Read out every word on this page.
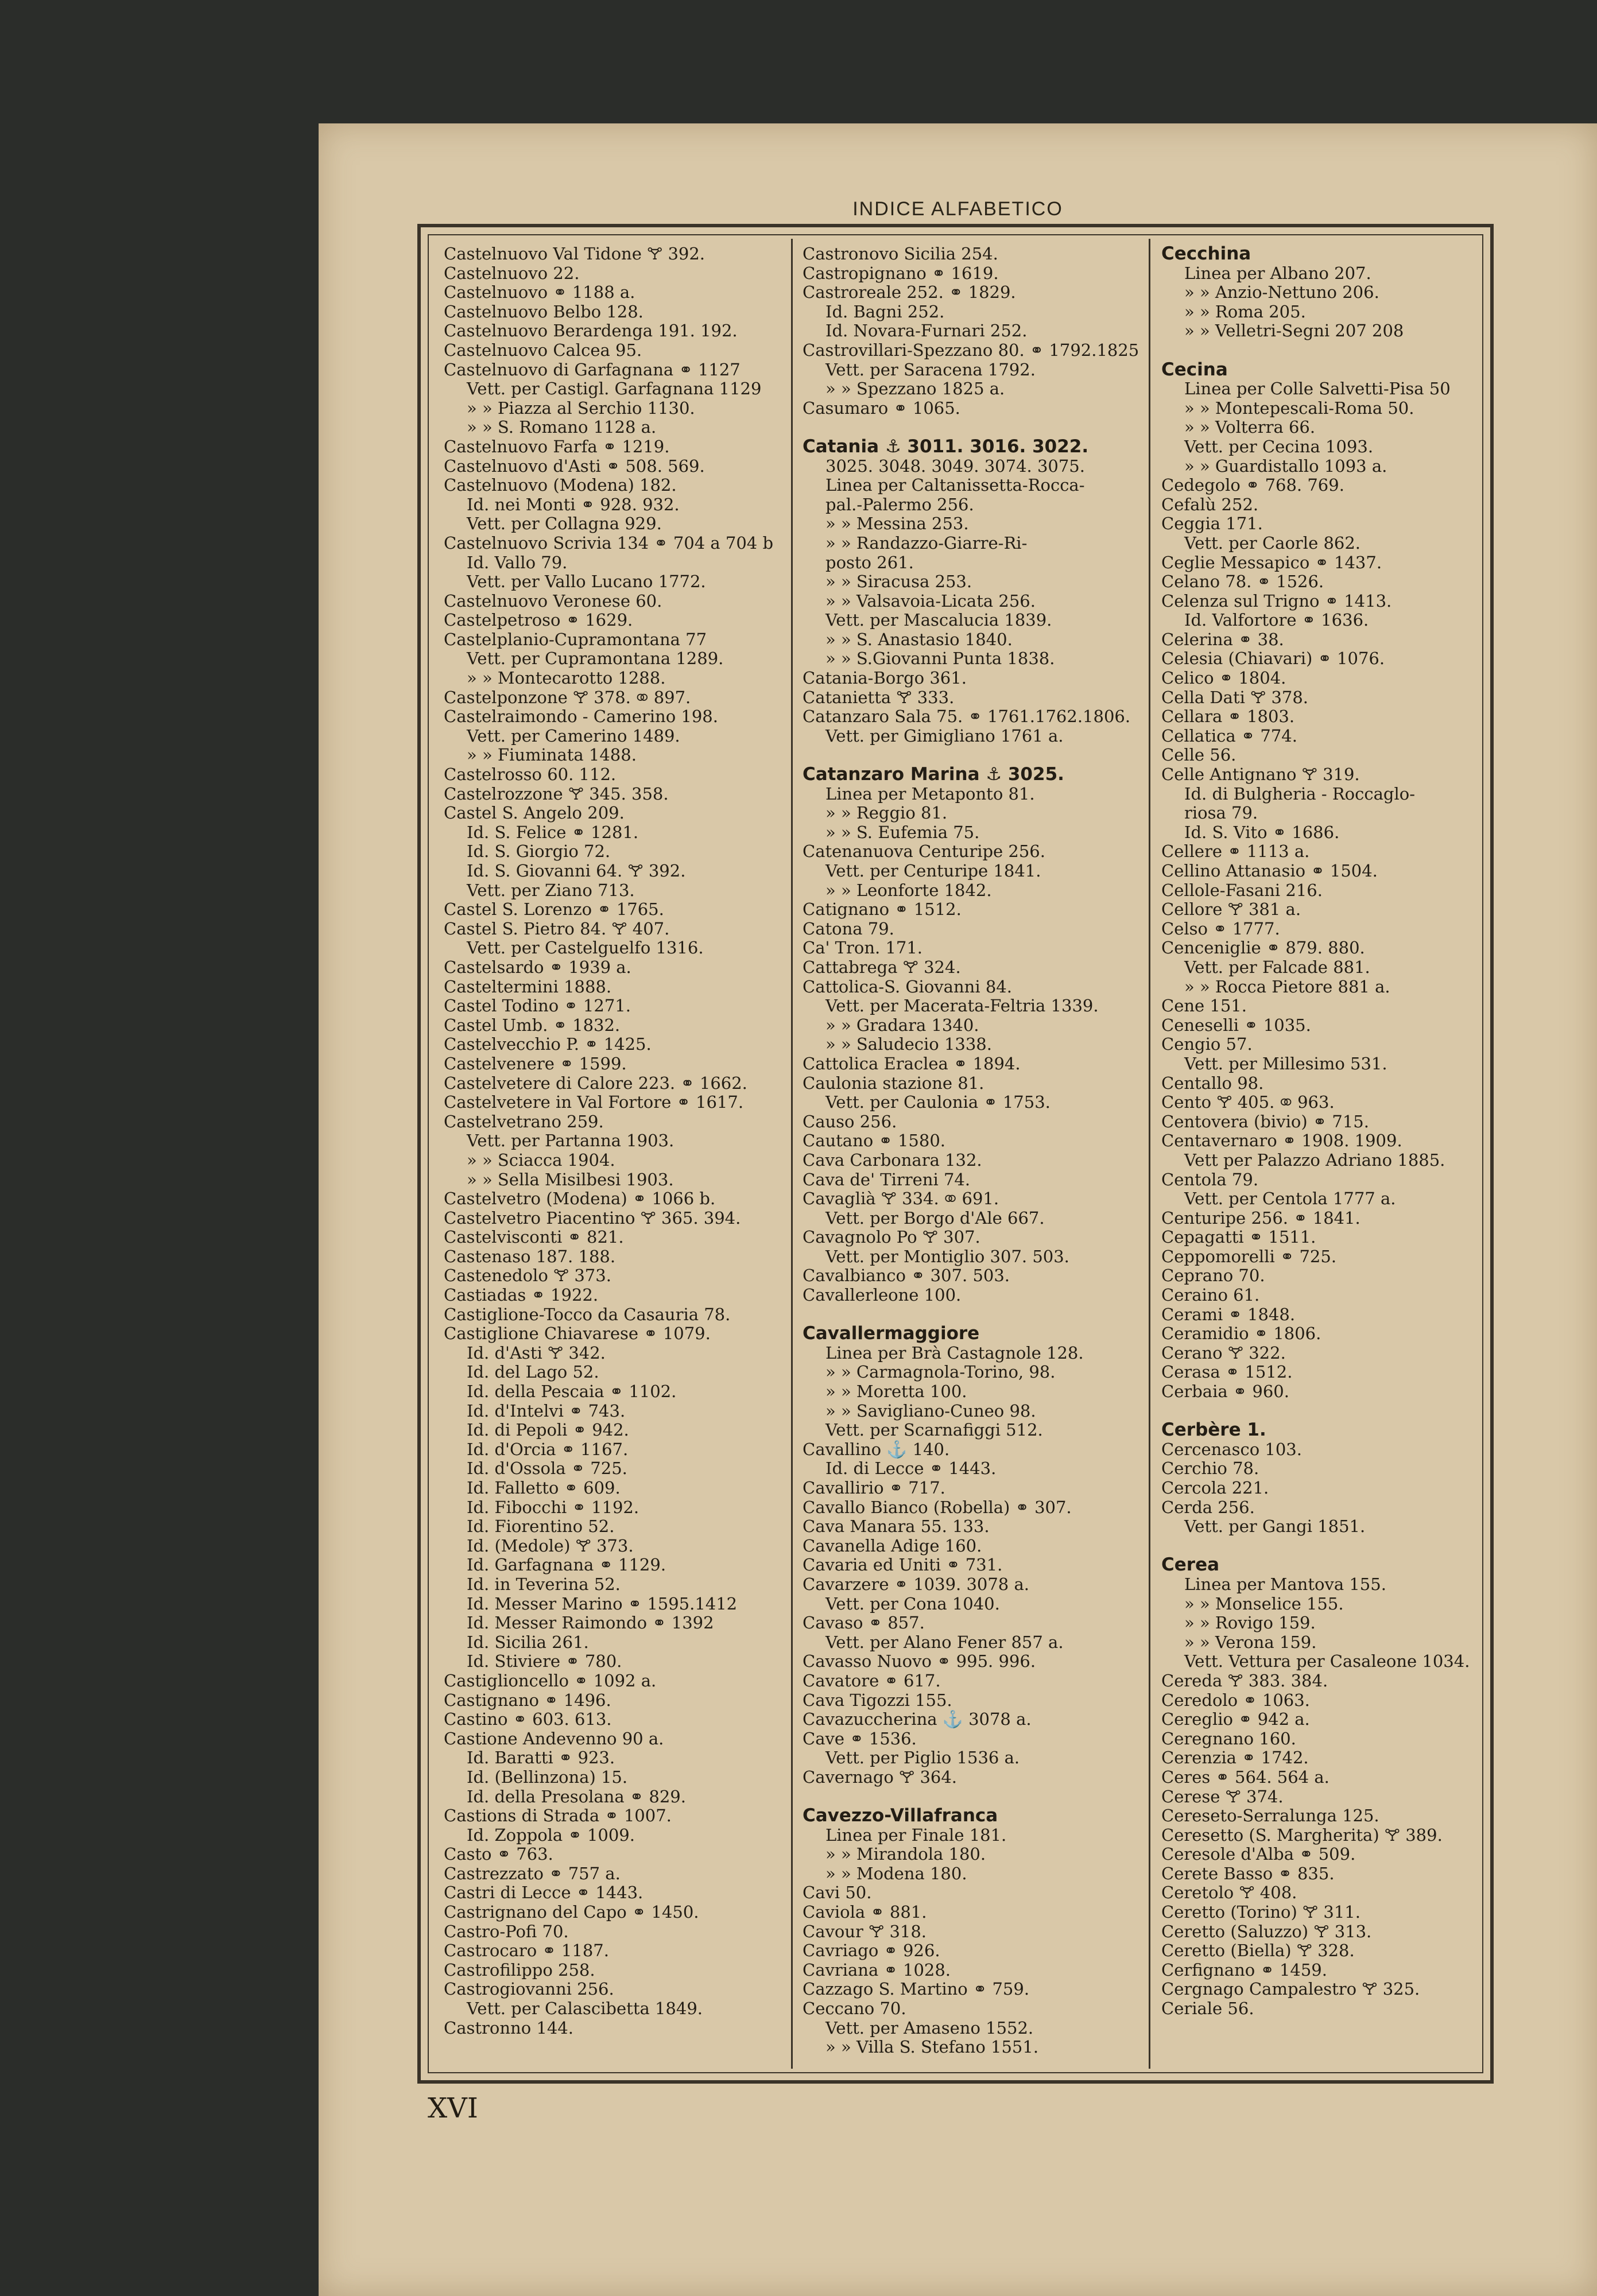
INDICE ALFABETICO
Castelnuovo Val Tidone 🝖 392.
Castelnuovo 22.
Castelnuovo ⚭ 1188 a.
Castelnuovo Belbo 128.
Castelnuovo Berardenga 191. 192.
Castelnuovo Calcea 95.
Castelnuovo di Garfagnana ⚭ 1127
Vett. per Castigl. Garfagnana 1129
» » Piazza al Serchio 1130.
» » S. Romano 1128 a.
Castelnuovo Farfa ⚭ 1219.
Castelnuovo d'Asti ⚭ 508. 569.
Castelnuovo (Modena) 182.
Id. nei Monti ⚭ 928. 932.
Vett. per Collagna 929.
Castelnuovo Scrivia 134 ⚭ 704 a 704 b
Id. Vallo 79.
Vett. per Vallo Lucano 1772.
Castelnuovo Veronese 60.
Castelpetroso ⚭ 1629.
Castelplanio-Cupramontana 77
Vett. per Cupramontana 1289.
» » Montecarotto 1288.
Castelponzone 🝖 378. ⚭ 897.
Castelraimondo - Camerino 198.
Vett. per Camerino 1489.
» » Fiuminata 1488.
Castelrosso 60. 112.
Castelrozzone 🝖 345. 358.
Castel S. Angelo 209.
Id. S. Felice ⚭ 1281.
Id. S. Giorgio 72.
Id. S. Giovanni 64. 🝖 392.
Vett. per Ziano 713.
Castel S. Lorenzo ⚭ 1765.
Castel S. Pietro 84. 🝖 407.
Vett. per Castelguelfo 1316.
Castelsardo ⚭ 1939 a.
Casteltermini 1888.
Castel Todino ⚭ 1271.
Castel Umb. ⚭ 1832.
Castelvecchio P. ⚭ 1425.
Castelvenere ⚭ 1599.
Castelvetere di Calore 223. ⚭ 1662.
Castelvetere in Val Fortore ⚭ 1617.
Castelvetrano 259.
Vett. per Partanna 1903.
» » Sciacca 1904.
» » Sella Misilbesi 1903.
Castelvetro (Modena) ⚭ 1066 b.
Castelvetro Piacentino 🝖 365. 394.
Castelvisconti ⚭ 821.
Castenaso 187. 188.
Castenedolo 🝖 373.
Castiadas ⚭ 1922.
Castiglione-Tocco da Casauria 78.
Castiglione Chiavarese ⚭ 1079.
Id. d'Asti 🝖 342.
Id. del Lago 52.
Id. della Pescaia ⚭ 1102.
Id. d'Intelvi ⚭ 743.
Id. di Pepoli ⚭ 942.
Id. d'Orcia ⚭ 1167.
Id. d'Ossola ⚭ 725.
Id. Falletto ⚭ 609.
Id. Fibocchi ⚭ 1192.
Id. Fiorentino 52.
Id. (Medole) 🝖 373.
Id. Garfagnana ⚭ 1129.
Id. in Teverina 52.
Id. Messer Marino ⚭ 1595.1412
Id. Messer Raimondo ⚭ 1392
Id. Sicilia 261.
Id. Stiviere ⚭ 780.
Castiglioncello ⚭ 1092 a.
Castignano ⚭ 1496.
Castino ⚭ 603. 613.
Castione Andevenno 90 a.
Id. Baratti ⚭ 923.
Id. (Bellinzona) 15.
Id. della Presolana ⚭ 829.
Castions di Strada ⚭ 1007.
Id. Zoppola ⚭ 1009.
Casto ⚭ 763.
Castrezzato ⚭ 757 a.
Castri di Lecce ⚭ 1443.
Castrignano del Capo ⚭ 1450.
Castro-Pofi 70.
Castrocaro ⚭ 1187.
Castrofilippo 258.
Castrogiovanni 256.
Vett. per Calascibetta 1849.
Castronno 144.
Castronovo Sicilia 254.
Castropignano ⚭ 1619.
Castroreale 252. ⚭ 1829.
Id. Bagni 252.
Id. Novara-Furnari 252.
Castrovillari-Spezzano 80. ⚭ 1792.1825
Vett. per Saracena 1792.
» » Spezzano 1825 a.
Casumaro ⚭ 1065.
Catania ⚓ 3011. 3016. 3022.
3025. 3048. 3049. 3074. 3075.
Linea per Caltanissetta-Rocca-
pal.-Palermo 256.
» » Messina 253.
» » Randazzo-Giarre-Ri-
posto 261.
» » Siracusa 253.
» » Valsavoia-Licata 256.
Vett. per Mascalucia 1839.
» » S. Anastasio 1840.
» » S.Giovanni Punta 1838.
Catania-Borgo 361.
Catanietta 🝖 333.
Catanzaro Sala 75. ⚭ 1761.1762.1806.
Vett. per Gimigliano 1761 a.
Catanzaro Marina ⚓ 3025.
Linea per Metaponto 81.
» » Reggio 81.
» » S. Eufemia 75.
Catenanuova Centuripe 256.
Vett. per Centuripe 1841.
» » Leonforte 1842.
Catignano ⚭ 1512.
Catona 79.
Ca' Tron. 171.
Cattabrega 🝖 324.
Cattolica-S. Giovanni 84.
Vett. per Macerata-Feltria 1339.
» » Gradara 1340.
» » Saludecio 1338.
Cattolica Eraclea ⚭ 1894.
Caulonia stazione 81.
Vett. per Caulonia ⚭ 1753.
Causo 256.
Cautano ⚭ 1580.
Cava Carbonara 132.
Cava de' Tirreni 74.
Cavaglià 🝖 334. ⚭ 691.
Vett. per Borgo d'Ale 667.
Cavagnolo Po 🝖 307.
Vett. per Montiglio 307. 503.
Cavalbianco ⚭ 307. 503.
Cavallerleone 100.
Cavallermaggiore
Linea per Brà Castagnole 128.
» » Carmagnola-Torino, 98.
» » Moretta 100.
» » Savigliano-Cuneo 98.
Vett. per Scarnafiggi 512.
Cavallino ⚓ 140.
Id. di Lecce ⚭ 1443.
Cavallirio ⚭ 717.
Cavallo Bianco (Robella) ⚭ 307.
Cava Manara 55. 133.
Cavanella Adige 160.
Cavaria ed Uniti ⚭ 731.
Cavarzere ⚭ 1039. 3078 a.
Vett. per Cona 1040.
Cavaso ⚭ 857.
Vett. per Alano Fener 857 a.
Cavasso Nuovo ⚭ 995. 996.
Cavatore ⚭ 617.
Cava Tigozzi 155.
Cavazuccherina ⚓ 3078 a.
Cave ⚭ 1536.
Vett. per Piglio 1536 a.
Cavernago 🝖 364.
Cavezzo-Villafranca
Linea per Finale 181.
» » Mirandola 180.
» » Modena 180.
Cavi 50.
Caviola ⚭ 881.
Cavour 🝖 318.
Cavriago ⚭ 926.
Cavriana ⚭ 1028.
Cazzago S. Martino ⚭ 759.
Ceccano 70.
Vett. per Amaseno 1552.
» » Villa S. Stefano 1551.
Cecchina
Linea per Albano 207.
» » Anzio-Nettuno 206.
» » Roma 205.
» » Velletri-Segni 207 208
Cecina
Linea per Colle Salvetti-Pisa 50
» » Montepescali-Roma 50.
» » Volterra 66.
Vett. per Cecina 1093.
» » Guardistallo 1093 a.
Cedegolo ⚭ 768. 769.
Cefalù 252.
Ceggia 171.
Vett. per Caorle 862.
Ceglie Messapico ⚭ 1437.
Celano 78. ⚭ 1526.
Celenza sul Trigno ⚭ 1413.
Id. Valfortore ⚭ 1636.
Celerina ⚭ 38.
Celesia (Chiavari) ⚭ 1076.
Celico ⚭ 1804.
Cella Dati 🝖 378.
Cellara ⚭ 1803.
Cellatica ⚭ 774.
Celle 56.
Celle Antignano 🝖 319.
Id. di Bulgheria - Roccaglo-
riosa 79.
Id. S. Vito ⚭ 1686.
Cellere ⚭ 1113 a.
Cellino Attanasio ⚭ 1504.
Cellole-Fasani 216.
Cellore 🝖 381 a.
Celso ⚭ 1777.
Cenceniglie ⚭ 879. 880.
Vett. per Falcade 881.
» » Rocca Pietore 881 a.
Cene 151.
Ceneselli ⚭ 1035.
Cengio 57.
Vett. per Millesimo 531.
Centallo 98.
Cento 🝖 405. ⚭ 963.
Centovera (bivio) ⚭ 715.
Centavernaro ⚭ 1908. 1909.
Vett per Palazzo Adriano 1885.
Centola 79.
Vett. per Centola 1777 a.
Centuripe 256. ⚭ 1841.
Cepagatti ⚭ 1511.
Ceppomorelli ⚭ 725.
Ceprano 70.
Ceraino 61.
Cerami ⚭ 1848.
Ceramidio ⚭ 1806.
Cerano 🝖 322.
Cerasa ⚭ 1512.
Cerbaia ⚭ 960.
Cerbère 1.
Cercenasco 103.
Cerchio 78.
Cercola 221.
Cerda 256.
Vett. per Gangi 1851.
Cerea
Linea per Mantova 155.
» » Monselice 155.
» » Rovigo 159.
» » Verona 159.
Vett. Vettura per Casaleone 1034.
Cereda 🝖 383. 384.
Ceredolo ⚭ 1063.
Cereglio ⚭ 942 a.
Ceregnano 160.
Cerenzia ⚭ 1742.
Ceres ⚭ 564. 564 a.
Cerese 🝖 374.
Cereseto-Serralunga 125.
Ceresetto (S. Margherita) 🝖 389.
Ceresole d'Alba ⚭ 509.
Cerete Basso ⚭ 835.
Ceretolo 🝖 408.
Ceretto (Torino) 🝖 311.
Ceretto (Saluzzo) 🝖 313.
Ceretto (Biella) 🝖 328.
Cerfignano ⚭ 1459.
Cergnago Campalestro 🝖 325.
Ceriale 56.
XVI
